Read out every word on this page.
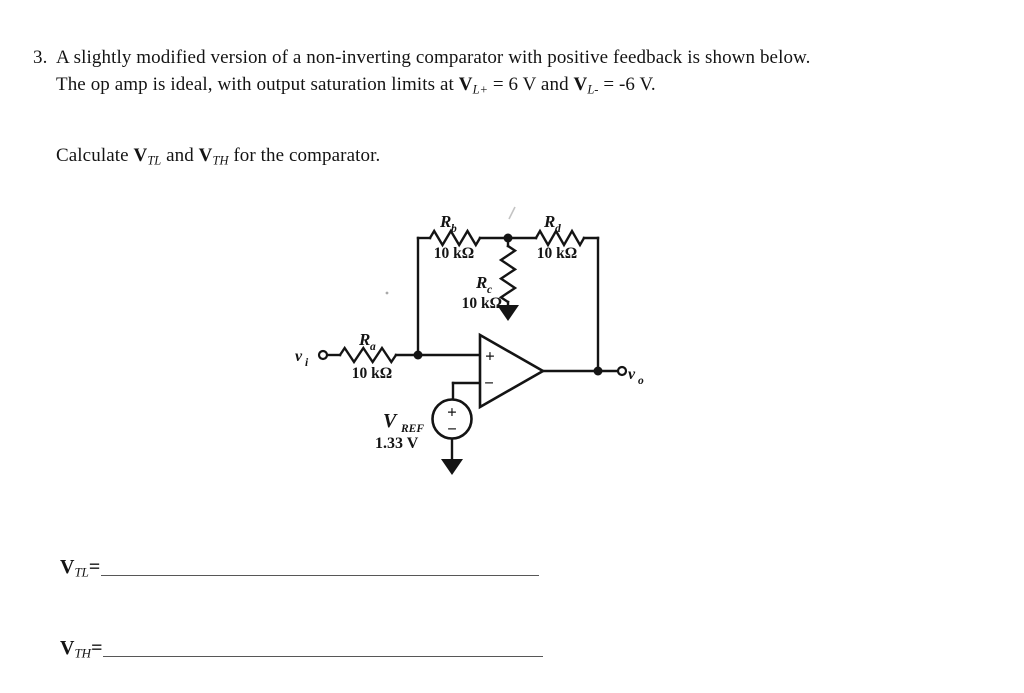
3. A slightly modified version of a non-inverting comparator with positive feedback is shown below.
The op amp is ideal, with output saturation limits at VL+ = 6 V and VL- = -6 V.
Calculate VTL and VTH for the comparator.
+
−
+
−
R b
10 kΩ
R d
10 kΩ
R c
10 kΩ
R a
10 kΩ
v i
v o
V REF
1.33 V
VTL=
VTH=
